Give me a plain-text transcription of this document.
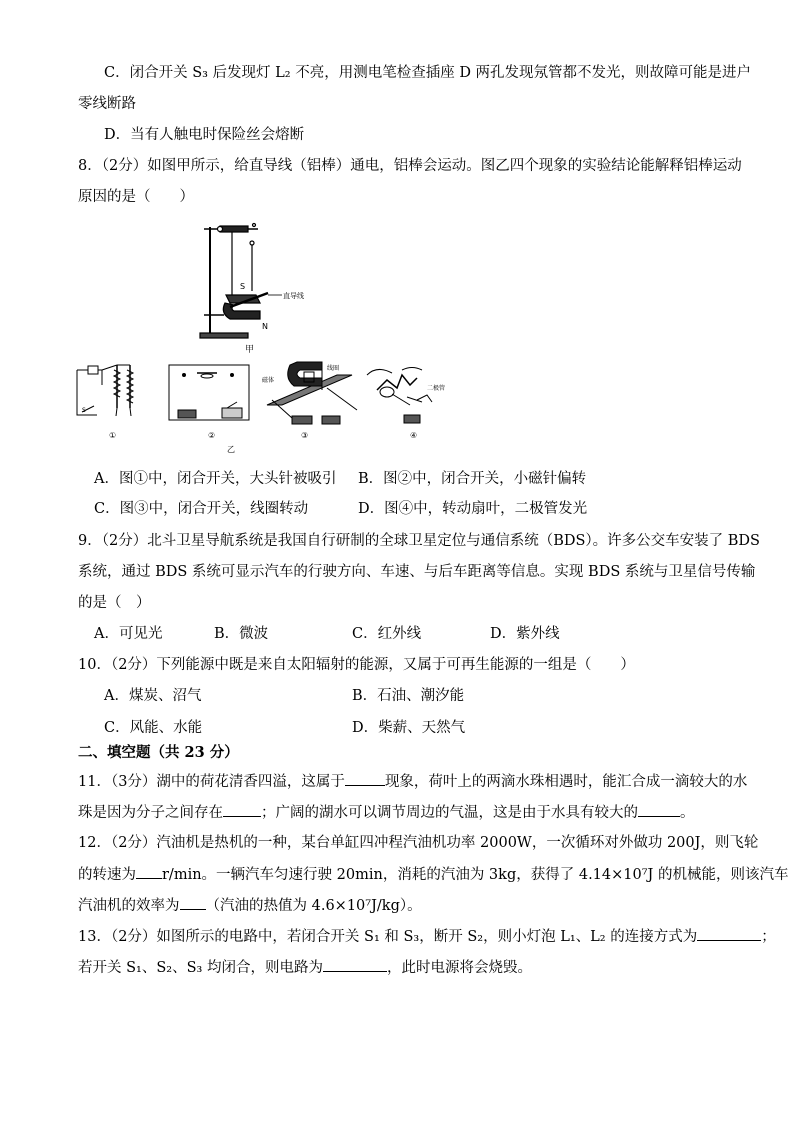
C．闭合开关 S₃ 后发现灯 L₂ 不亮，用测电笔检查插座 D 两孔发现氖管都不发光，则故障可能是进户
零线断路
D．当有人触电时保险丝会熔断
8．（2分）如图甲所示，给直导线（铝棒）通电，铝棒会运动。图乙四个现象的实验结论能解释铝棒运动
原因的是（　　）
S
直导线
N
甲
S
线圈
磁体
二极管
①	②	③	④
乙
A．图①中，闭合开关，大头针被吸引 B．图②中，闭合开关，小磁针偏转
C．图③中，闭合开关，线圈转动	D．图④中，转动扇叶，二极管发光
9．（2分）北斗卫星导航系统是我国自行研制的全球卫星定位与通信系统（BDS）。许多公交车安装了 BDS
系统，通过 BDS 系统可显示汽车的行驶方向、车速、与后车距离等信息。实现 BDS 系统与卫星信号传输
的是（　）
A．可见光	B．微波	C．红外线	D．紫外线
10．（2分）下列能源中既是来自太阳辐射的能源，又属于可再生能源的一组是（　　）
A．煤炭、沼气	B．石油、潮汐能
C．风能、水能	D．柴薪、天然气
二、填空题（共 23 分）
11．（3分）湖中的荷花清香四溢，这属于	现象，荷叶上的两滴水珠相遇时，能汇合成一滴较大的水
珠是因为分子之间存在	；广阔的湖水可以调节周边的气温，这是由于水具有较大的	。
12．（2分）汽油机是热机的一种，某台单缸四冲程汽油机功率 2000W，一次循环对外做功 200J，则飞轮
的转速为 r/min。一辆汽车匀速行驶 20min，消耗的汽油为 3kg，获得了 4.14×10⁷J 的机械能，则该汽车
汽油机的效率为 （汽油的热值为 4.6×10⁷J/kg）。
13．（2分）如图所示的电路中，若闭合开关 S₁ 和 S₃，断开 S₂，则小灯泡 L₁、L₂ 的连接方式为	；
若开关 S₁、S₂、S₃ 均闭合，则电路为	，此时电源将会烧毁。
